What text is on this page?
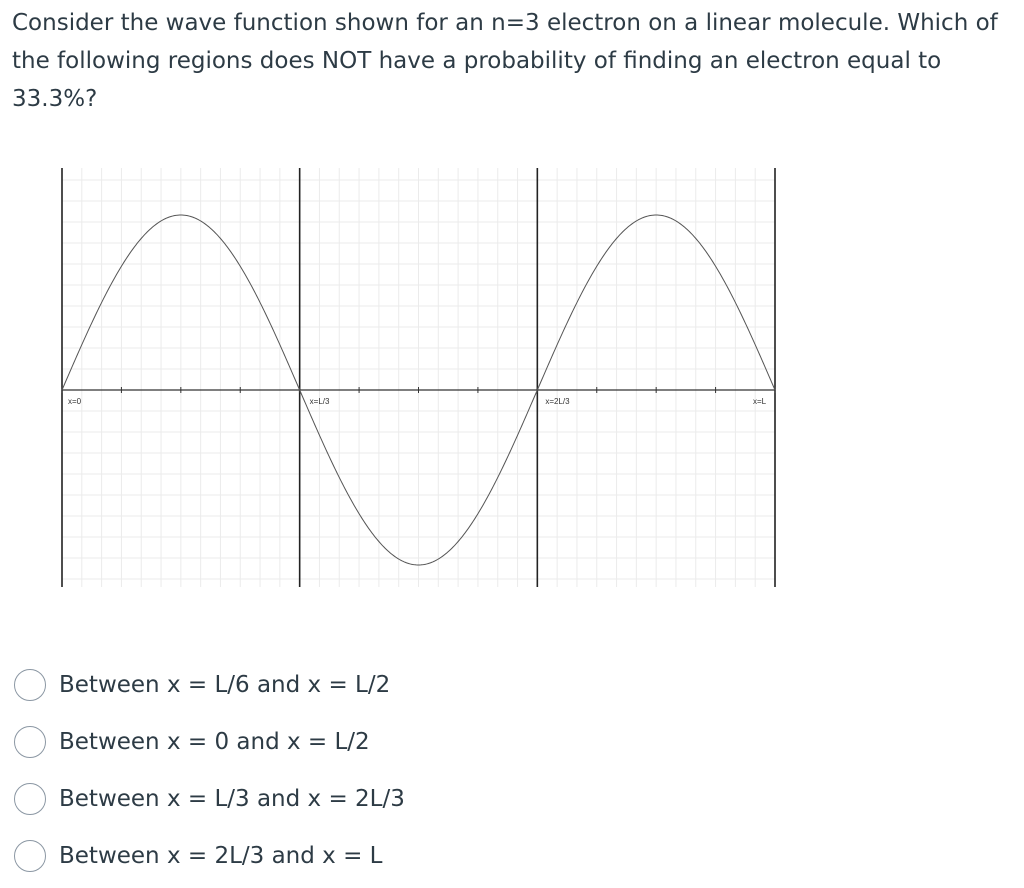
Consider the wave function shown for an n=3 electron on a linear molecule. Which of the following regions does NOT have a probability of finding an electron equal to 33.3%?

x=0	x=L/3	x=2L/3	x=L
Between x = L/6 and x = L/2
Between x = 0 and x = L/2
Between x = L/3 and x = 2L/3
Between x = 2L/3 and x = L
